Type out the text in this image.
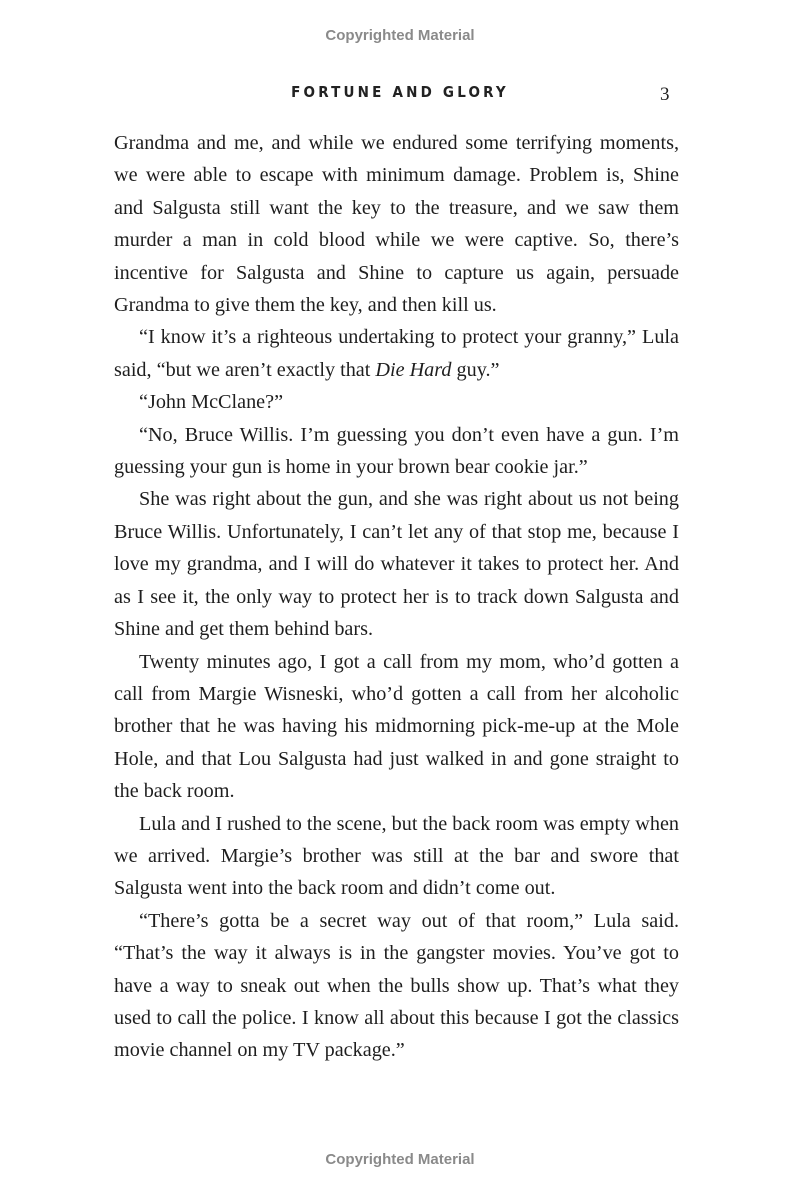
Copyrighted Material
FORTUNE AND GLORY	3

Grandma and me, and while we endured some terrifying moments, we were able to escape with minimum damage. Problem is, Shine and Salgusta still want the key to the treasure, and we saw them murder a man in cold blood while we were captive. So, there’s incentive for Salgusta and Shine to capture us again, persuade Grandma to give them the key, and then kill us.

“I know it’s a righteous undertaking to protect your granny,” Lula said, “but we aren’t exactly that Die Hard guy.”

“John McClane?”

“No, Bruce Willis. I’m guessing you don’t even have a gun. I’m guessing your gun is home in your brown bear cookie jar.”

She was right about the gun, and she was right about us not being Bruce Willis. Unfortunately, I can’t let any of that stop me, because I love my grandma, and I will do whatever it takes to protect her. And as I see it, the only way to protect her is to track down Salgusta and Shine and get them behind bars.

Twenty minutes ago, I got a call from my mom, who’d gotten a call from Margie Wisneski, who’d gotten a call from her alcoholic brother that he was having his midmorning pick-me-up at the Mole Hole, and that Lou Salgusta had just walked in and gone straight to the back room.

Lula and I rushed to the scene, but the back room was empty when we arrived. Margie’s brother was still at the bar and swore that Salgusta went into the back room and didn’t come out.

“There’s gotta be a secret way out of that room,” Lula said. “That’s the way it always is in the gangster movies. You’ve got to have a way to sneak out when the bulls show up. That’s what they used to call the police. I know all about this because I got the classics movie channel on my TV package.”

Copyrighted Material
